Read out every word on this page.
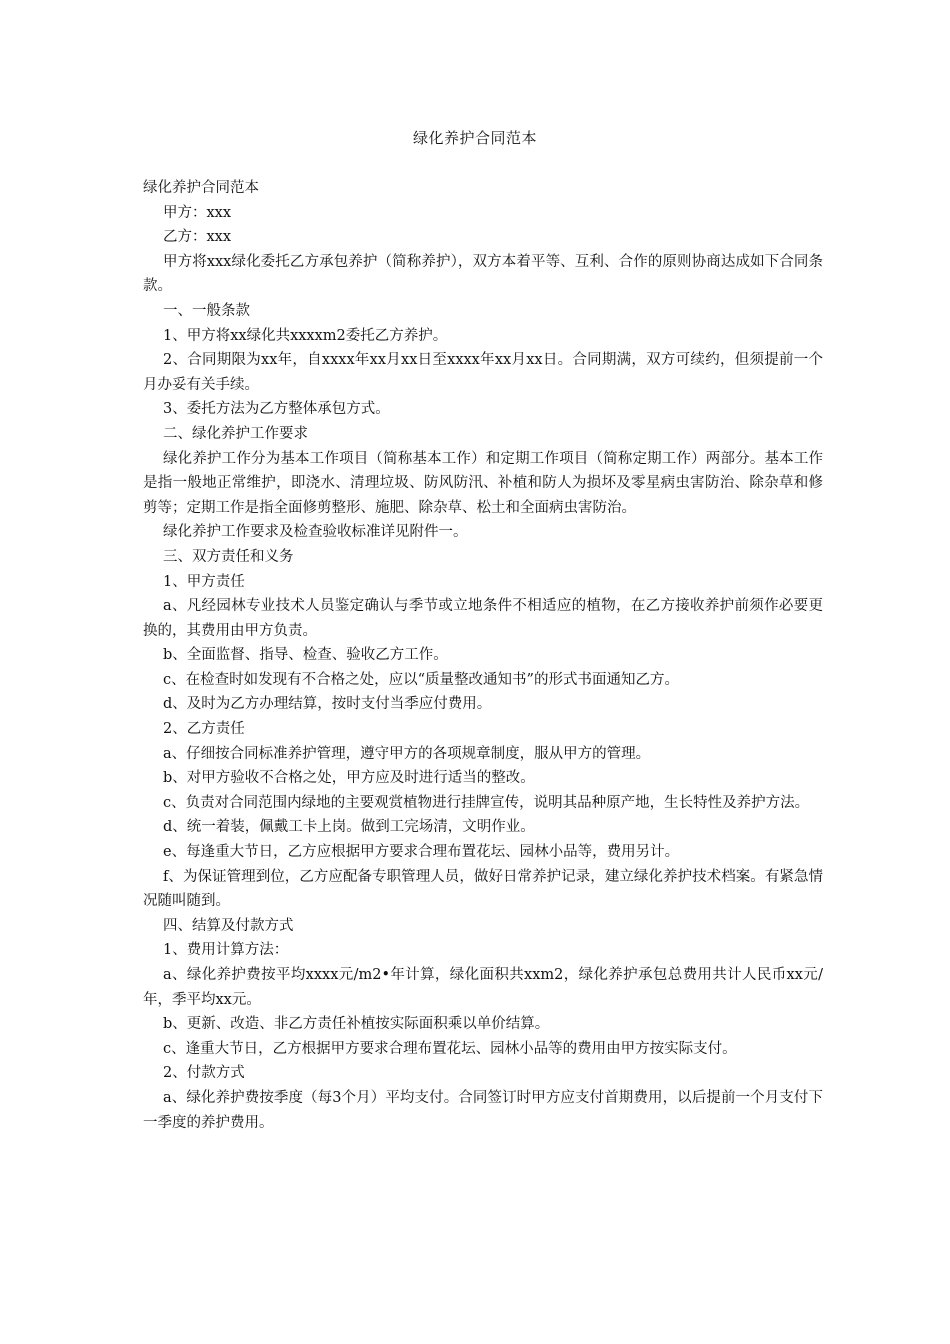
绿化养护合同范本

绿化养护合同范本

甲方：xxx

乙方：xxx

甲方将xxx绿化委托乙方承包养护（简称养护），双方本着平等、互利、合作的原则协商达成如下合同条款。

一、一般条款

1、甲方将xx绿化共xxxxm2委托乙方养护。

2、合同期限为xx年，自xxxx年xx月xx日至xxxx年xx月xx日。合同期满，双方可续约，但须提前一个月办妥有关手续。

3、委托方法为乙方整体承包方式。

二、绿化养护工作要求

绿化养护工作分为基本工作项目（简称基本工作）和定期工作项目（简称定期工作）两部分。基本工作是指一般地正常维护，即浇水、清理垃圾、防风防汛、补植和防人为损坏及零星病虫害防治、除杂草和修剪等；定期工作是指全面修剪整形、施肥、除杂草、松土和全面病虫害防治。

绿化养护工作要求及检查验收标准详见附件一。

三、双方责任和义务

1、甲方责任

a、凡经园林专业技术人员鉴定确认与季节或立地条件不相适应的植物，在乙方接收养护前须作必要更换的，其费用由甲方负责。

b、全面监督、指导、检查、验收乙方工作。

c、在检查时如发现有不合格之处，应以“质量整改通知书”的形式书面通知乙方。

d、及时为乙方办理结算，按时支付当季应付费用。

2、乙方责任

a、仔细按合同标准养护管理，遵守甲方的各项规章制度，服从甲方的管理。

b、对甲方验收不合格之处，甲方应及时进行适当的整改。

c、负责对合同范围内绿地的主要观赏植物进行挂牌宣传，说明其品种原产地，生长特性及养护方法。

d、统一着装，佩戴工卡上岗。做到工完场清，文明作业。

e、每逢重大节日，乙方应根据甲方要求合理布置花坛、园林小品等，费用另计。

f、为保证管理到位，乙方应配备专职管理人员，做好日常养护记录，建立绿化养护技术档案。有紧急情况随叫随到。

四、结算及付款方式

1、费用计算方法：

a、绿化养护费按平均xxxx元/m2•年计算，绿化面积共xxm2，绿化养护承包总费用共计人民币xx元/年，季平均xx元。

b、更新、改造、非乙方责任补植按实际面积乘以单价结算。

c、逢重大节日，乙方根据甲方要求合理布置花坛、园林小品等的费用由甲方按实际支付。

2、付款方式

a、绿化养护费按季度（每3个月）平均支付。合同签订时甲方应支付首期费用，以后提前一个月支付下一季度的养护费用。
